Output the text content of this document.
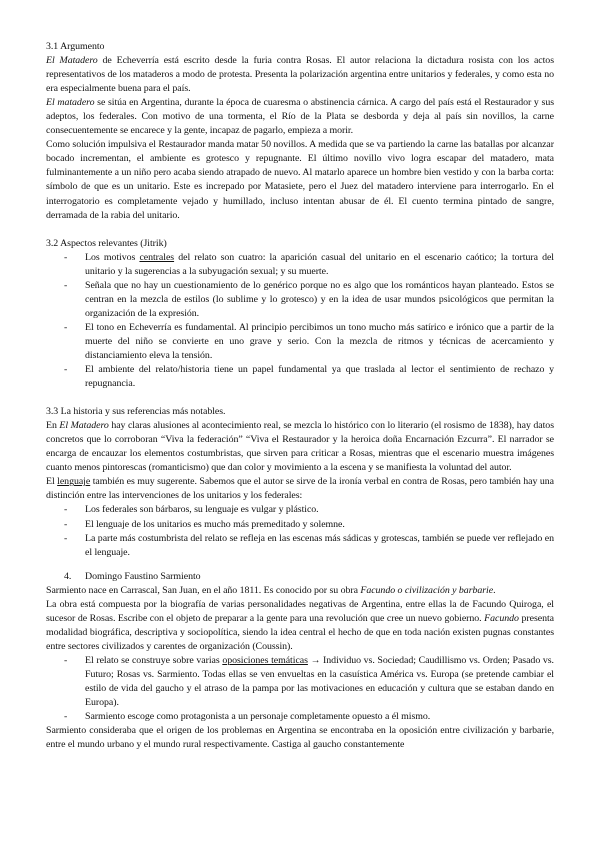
3.1 Argumento

El Matadero de Echeverría está escrito desde la furia contra Rosas. El autor relaciona la dictadura rosista con los actos representativos de los mataderos a modo de protesta. Presenta la polarización argentina entre unitarios y federales, y como esta no era especialmente buena para el país.

El matadero se sitúa en Argentina, durante la época de cuaresma o abstinencia cárnica. A cargo del país está el Restaurador y sus adeptos, los federales. Con motivo de una tormenta, el Río de la Plata se desborda y deja al país sin novillos, la carne consecuentemente se encarece y la gente, incapaz de pagarlo, empieza a morir.

Como solución impulsiva el Restaurador manda matar 50 novillos. A medida que se va partiendo la carne las batallas por alcanzar bocado incrementan, el ambiente es grotesco y repugnante. El último novillo vivo logra escapar del matadero, mata fulminantemente a un niño pero acaba siendo atrapado de nuevo. Al matarlo aparece un hombre bien vestido y con la barba corta: símbolo de que es un unitario. Este es increpado por Matasiete, pero el Juez del matadero interviene para interrogarlo. En el interrogatorio es completamente vejado y humillado, incluso intentan abusar de él. El cuento termina pintado de sangre, derramada de la rabia del unitario.

3.2 Aspectos relevantes (Jitrik)

- Los motivos centrales del relato son cuatro: la aparición casual del unitario en el escenario caótico; la tortura del unitario y la sugerencias a la subyugación sexual; y su muerte.
- Señala que no hay un cuestionamiento de lo genérico porque no es algo que los románticos hayan planteado. Estos se centran en la mezcla de estilos (lo sublime y lo grotesco) y en la idea de usar mundos psicológicos que permitan la organización de la expresión.
- El tono en Echeverría es fundamental. Al principio percibimos un tono mucho más satírico e irónico que a partir de la muerte del niño se convierte en uno grave y serio. Con la mezcla de ritmos y técnicas de acercamiento y distanciamiento eleva la tensión.
- El ambiente del relato/historia tiene un papel fundamental ya que traslada al lector el sentimiento de rechazo y repugnancia.

3.3 La historia y sus referencias más notables.

En El Matadero hay claras alusiones al acontecimiento real, se mezcla lo histórico con lo literario (el rosismo de 1838), hay datos concretos que lo corroboran “Viva la federación” “Viva el Restaurador y la heroica doña Encarnación Ezcurra”. El narrador se encarga de encauzar los elementos costumbristas, que sirven para criticar a Rosas, mientras que el escenario muestra imágenes cuanto menos pintorescas (romanticismo) que dan color y movimiento a la escena y se manifiesta la voluntad del autor.

El lenguaje también es muy sugerente. Sabemos que el autor se sirve de la ironía verbal en contra de Rosas, pero también hay una distinción entre las intervenciones de los unitarios y los federales:

- Los federales son bárbaros, su lenguaje es vulgar y plástico.
- El lenguaje de los unitarios es mucho más premeditado y solemne.
- La parte más costumbrista del relato se refleja en las escenas más sádicas y grotescas, también se puede ver reflejado en el lenguaje.

4. Domingo Faustino Sarmiento

Sarmiento nace en Carrascal, San Juan, en el año 1811. Es conocido por su obra Facundo o civilización y barbarie.

La obra está compuesta por la biografía de varias personalidades negativas de Argentina, entre ellas la de Facundo Quiroga, el sucesor de Rosas. Escribe con el objeto de preparar a la gente para una revolución que cree un nuevo gobierno. Facundo presenta modalidad biográfica, descriptiva y sociopolítica, siendo la idea central el hecho de que en toda nación existen pugnas constantes entre sectores civilizados y carentes de organización (Coussin).

- El relato se construye sobre varias oposiciones temáticas → Individuo vs. Sociedad; Caudillismo vs. Orden; Pasado vs. Futuro; Rosas vs. Sarmiento. Todas ellas se ven envueltas en la casuística América vs. Europa (se pretende cambiar el estilo de vida del gaucho y el atraso de la pampa por las motivaciones en educación y cultura que se estaban dando en Europa).
- Sarmiento escoge como protagonista a un personaje completamente opuesto a él mismo.

Sarmiento consideraba que el origen de los problemas en Argentina se encontraba en la oposición entre civilización y barbarie, entre el mundo urbano y el mundo rural respectivamente. Castiga al gaucho constantemente
